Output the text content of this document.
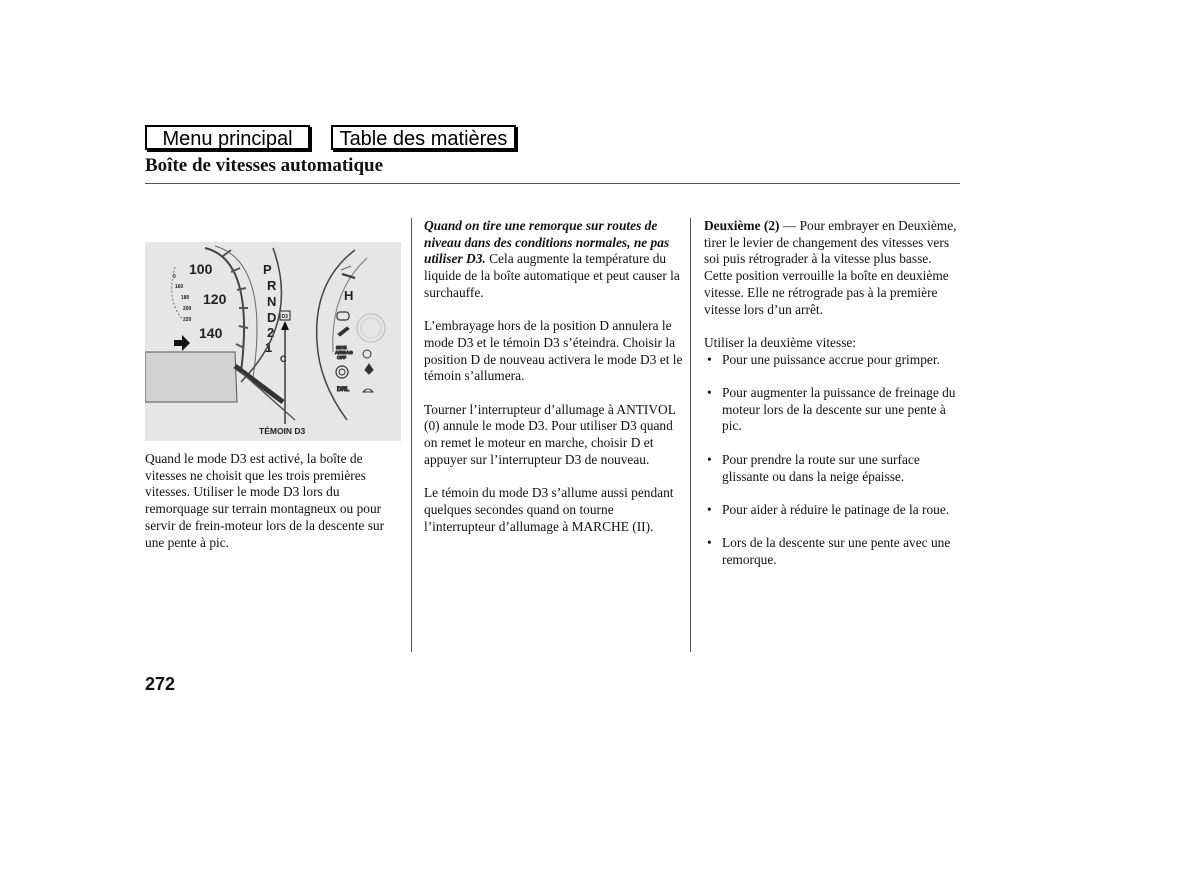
Menu principal	Table des matières
Boîte de vitesses automatique
100
120
140
0
160
180
200
220
P
R
N
D
2
1
D3
C
H
SIDE
AIRBAG
OFF
DRL
TÉMOIN D3

Quand le mode D3 est activé, la boîte de vitesses ne choisit que les trois premières vitesses. Utiliser le mode D3 lors du remorquage sur terrain montagneux ou pour servir de frein-moteur lors de la descente sur une pente à pic.

Quand on tire une remorque sur routes de niveau dans des conditions normales, ne pas utiliser D3. Cela augmente la température du liquide de la boîte automatique et peut causer la surchauffe.

L’embrayage hors de la position D annulera le mode D3 et le témoin D3 s’éteindra. Choisir la position D de nouveau activera le mode D3 et le témoin s’allumera.

Tourner l’interrupteur d’allumage à ANTIVOL (0) annule le mode D3. Pour utiliser D3 quand on remet le moteur en marche, choisir D et appuyer sur l’interrupteur D3 de nouveau.

Le témoin du mode D3 s’allume aussi pendant quelques secondes quand on tourne l’interrupteur d’allumage à MARCHE (II).

Deuxième (2) — Pour embrayer en Deuxième, tirer le levier de changement des vitesses vers soi puis rétrograder à la vitesse plus basse. Cette position verrouille la boîte en deuxième vitesse. Elle ne rétrograde pas à la première vitesse lors d’un arrêt.

Utiliser la deuxième vitesse:

• Pour une puissance accrue pour grimper.
• Pour augmenter la puissance de freinage du moteur lors de la descente sur une pente à pic.
• Pour prendre la route sur une surface glissante ou dans la neige épaisse.
• Pour aider à réduire le patinage de la roue.
• Lors de la descente sur une pente avec une remorque.
272
